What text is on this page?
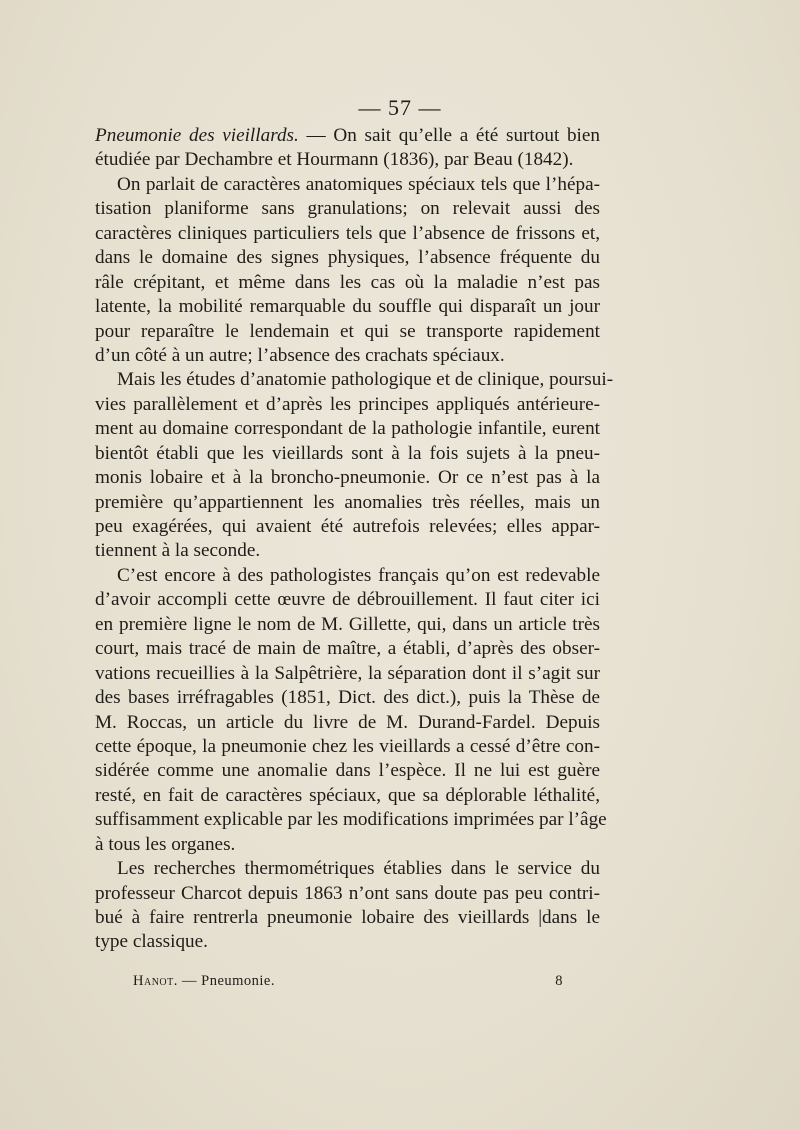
— 57 —
Pneumonie des vieillards. — On sait qu’elle a été surtout bien
étudiée par Dechambre et Hourmann (1836), par Beau (1842).
On parlait de caractères anatomiques spéciaux tels que l’hépa-
tisation planiforme sans granulations; on relevait aussi des
caractères cliniques particuliers tels que l’absence de frissons et,
dans le domaine des signes physiques, l’absence fréquente du
râle crépitant, et même dans les cas où la maladie n’est pas
latente, la mobilité remarquable du souffle qui disparaît un jour
pour reparaître le lendemain et qui se transporte rapidement
d’un côté à un autre; l’absence des crachats spéciaux.
Mais les études d’anatomie pathologique et de clinique, poursui-
vies parallèlement et d’après les principes appliqués antérieure-
ment au domaine correspondant de la pathologie infantile, eurent
bientôt établi que les vieillards sont à la fois sujets à la pneu-
monis lobaire et à la broncho-pneumonie. Or ce n’est pas à la
première qu’appartiennent les anomalies très réelles, mais un
peu exagérées, qui avaient été autrefois relevées; elles appar-
tiennent à la seconde.
C’est encore à des pathologistes français qu’on est redevable
d’avoir accompli cette œuvre de débrouillement. Il faut citer ici
en première ligne le nom de M. Gillette, qui, dans un article très
court, mais tracé de main de maître, a établi, d’après des obser-
vations recueillies à la Salpêtrière, la séparation dont il s’agit sur
des bases irréfragables (1851, Dict. des dict.), puis la Thèse de
M. Roccas, un article du livre de M. Durand-Fardel. Depuis
cette époque, la pneumonie chez les vieillards a cessé d’être con-
sidérée comme une anomalie dans l’espèce. Il ne lui est guère
resté, en fait de caractères spéciaux, que sa déplorable léthalité,
suffisamment explicable par les modifications imprimées par l’âge
à tous les organes.
Les recherches thermométriques établies dans le service du
professeur Charcot depuis 1863 n’ont sans doute pas peu contri-
bué à faire rentrerla pneumonie lobaire des vieillards |dans le
type classique.
Hanot. — Pneumonie.	8
